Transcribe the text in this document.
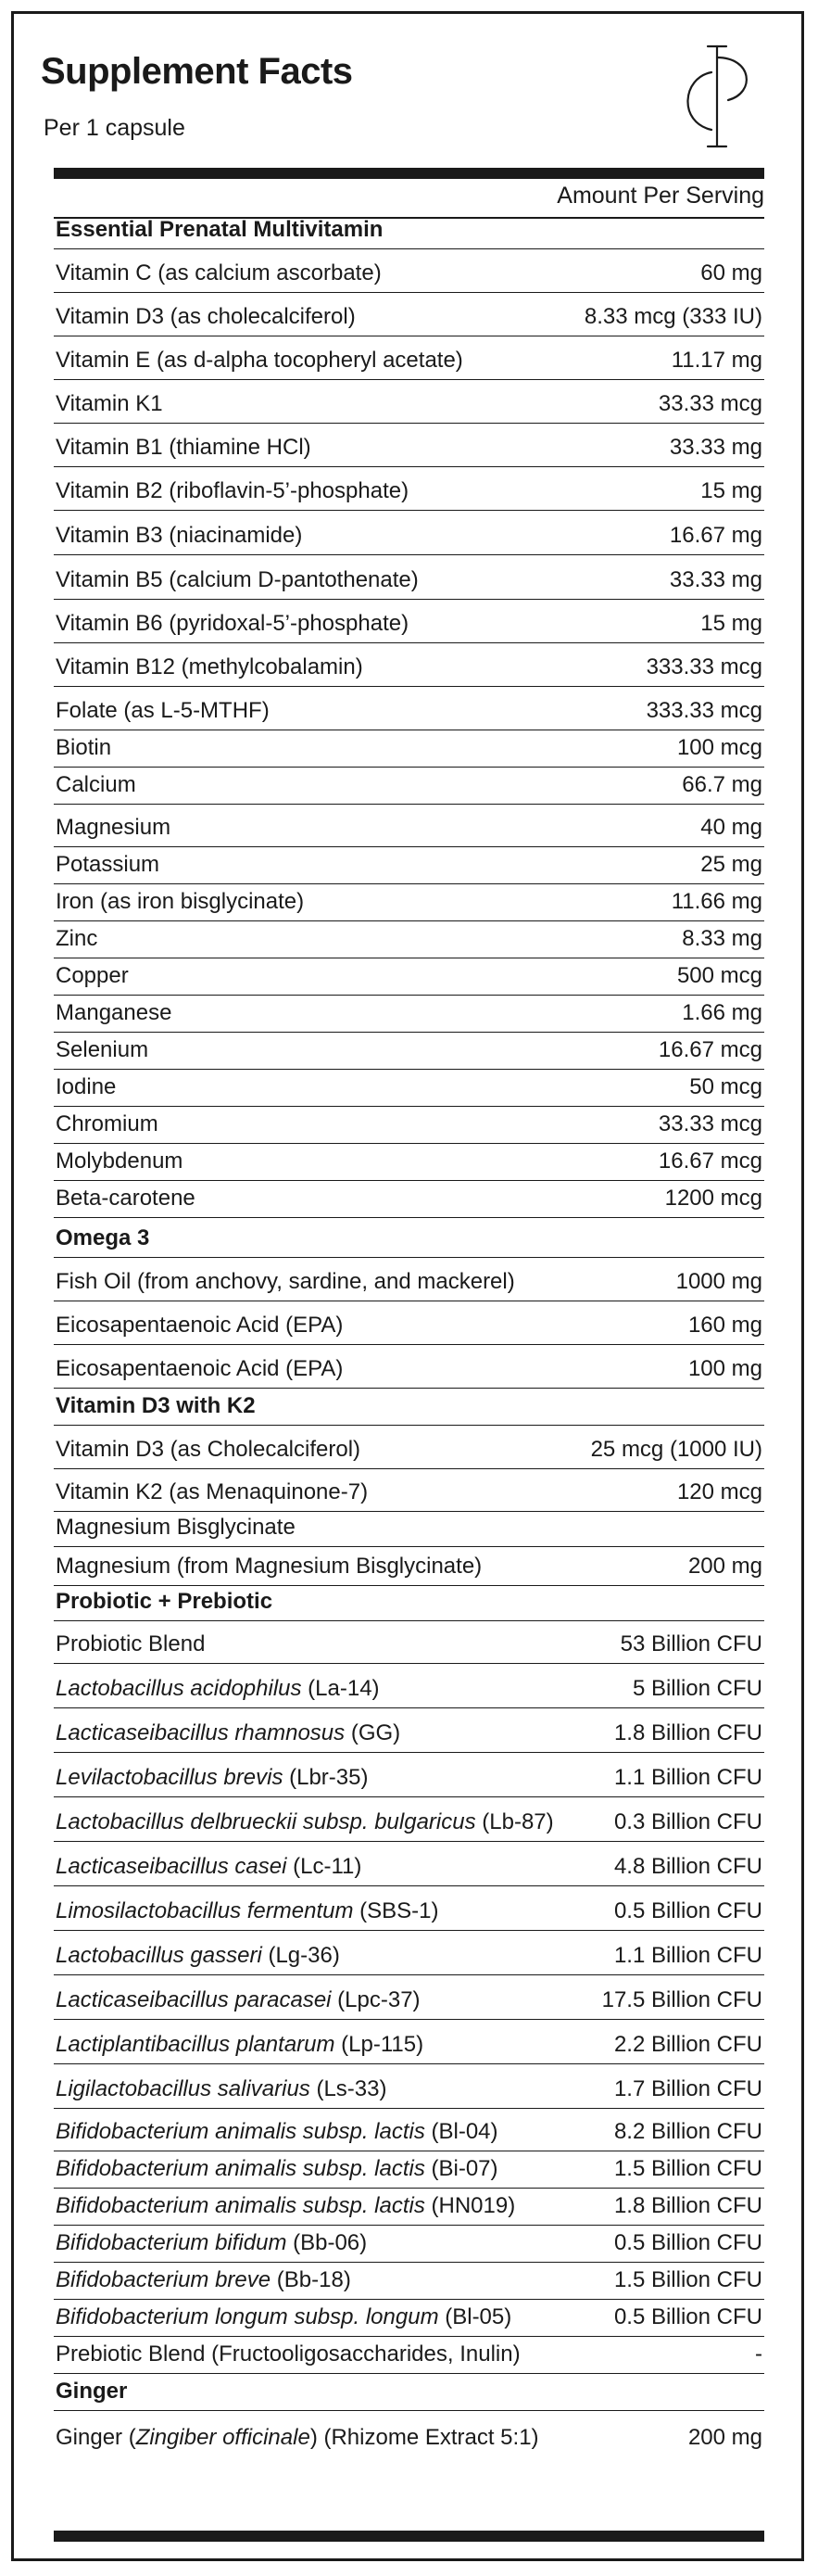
Supplement Facts
Per 1 capsule
Amount Per Serving
Essential Prenatal Multivitamin
Vitamin C (as calcium ascorbate)	60 mg
Vitamin D3 (as cholecalciferol)	8.33 mcg (333 IU)
Vitamin E (as d-alpha tocopheryl acetate)	11.17 mg
Vitamin K1	33.33 mcg
Vitamin B1 (thiamine HCl)	33.33 mg
Vitamin B2 (riboflavin-5’-phosphate)	15 mg
Vitamin B3 (niacinamide)	16.67 mg
Vitamin B5 (calcium D-pantothenate)	33.33 mg
Vitamin B6 (pyridoxal-5’-phosphate)	15 mg
Vitamin B12 (methylcobalamin)	333.33 mcg
Folate (as L-5-MTHF)	333.33 mcg
Biotin	100 mcg
Calcium	66.7 mg
Magnesium	40 mg
Potassium	25 mg
Iron (as iron bisglycinate)	11.66 mg
Zinc	8.33 mg
Copper	500 mcg
Manganese	1.66 mg
Selenium	16.67 mcg
Iodine	50 mcg
Chromium	33.33 mcg
Molybdenum	16.67 mcg
Beta-carotene	1200 mcg
Omega 3
Fish Oil (from anchovy, sardine, and mackerel)	1000 mg
Eicosapentaenoic Acid (EPA)	160 mg
Eicosapentaenoic Acid (EPA)	100 mg
Vitamin D3 with K2
Vitamin D3 (as Cholecalciferol)	25 mcg (1000 IU)
Vitamin K2 (as Menaquinone-7)	120 mcg
Magnesium Bisglycinate
Magnesium (from Magnesium Bisglycinate)	200 mg
Probiotic + Prebiotic
Probiotic Blend	53 Billion CFU
Lactobacillus acidophilus (La-14)	5 Billion CFU
Lacticaseibacillus rhamnosus (GG)	1.8 Billion CFU
Levilactobacillus brevis (Lbr-35)	1.1 Billion CFU
Lactobacillus delbrueckii subsp. bulgaricus (Lb-87)	0.3 Billion CFU
Lacticaseibacillus casei (Lc-11)	4.8 Billion CFU
Limosilactobacillus fermentum (SBS-1)	0.5 Billion CFU
Lactobacillus gasseri (Lg-36)	1.1 Billion CFU
Lacticaseibacillus paracasei (Lpc-37)	17.5 Billion CFU
Lactiplantibacillus plantarum (Lp-115)	2.2 Billion CFU
Ligilactobacillus salivarius (Ls-33)	1.7 Billion CFU
Bifidobacterium animalis subsp. lactis (Bl-04)	8.2 Billion CFU
Bifidobacterium animalis subsp. lactis (Bi-07)	1.5 Billion CFU
Bifidobacterium animalis subsp. lactis (HN019)	1.8 Billion CFU
Bifidobacterium bifidum (Bb-06)	0.5 Billion CFU
Bifidobacterium breve (Bb-18)	1.5 Billion CFU
Bifidobacterium longum subsp. longum (Bl-05)	0.5 Billion CFU
Prebiotic Blend (Fructooligosaccharides, Inulin)	-
Ginger
Ginger (Zingiber officinale) (Rhizome Extract 5:1)	200 mg
